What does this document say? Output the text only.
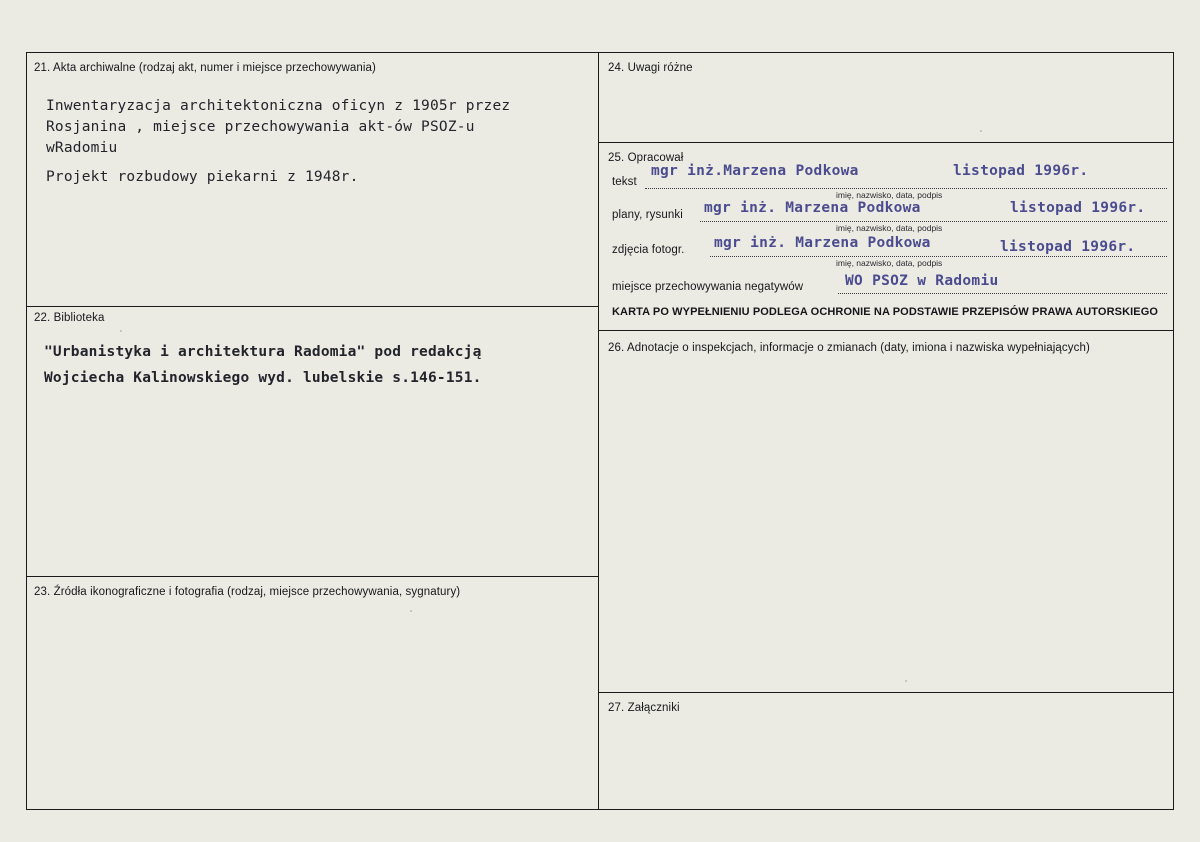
21. Akta archiwalne (rodzaj akt, numer i miejsce przechowywania)
Inwentaryzacja architektoniczna oficyn z 1905r przez
Rosjanina , miejsce przechowywania akt-ów PSOZ-u
wRadomiu
Projekt rozbudowy piekarni z 1948r.
22. Biblioteka
"Urbanistyka i architektura Radomia" pod redakcją
Wojciecha Kalinowskiego wyd. lubelskie s.146-151.
23. Źródła ikonograficzne i fotografia (rodzaj, miejsce przechowywania, sygnatury)
24. Uwagi różne
25. Opracował
tekst
mgr inż.Marzena Podkowa	listopad 1996r.
imię, nazwisko, data, podpis
plany, rysunki mgr inż. Marzena Podkowa	listopad 1996r.
imię, nazwisko, data, podpis
zdjęcia fotogr. mgr inż. Marzena Podkowa	listopad 1996r.
imię, nazwisko, data, podpis
miejsce przechowywania negatywów	WO PSOZ w Radomiu
KARTA PO WYPEŁNIENIU PODLEGA OCHRONIE NA PODSTAWIE PRZEPISÓW PRAWA AUTORSKIEGO
26. Adnotacje o inspekcjach, informacje o zmianach (daty, imiona i nazwiska wypełniających)
27. Załączniki
